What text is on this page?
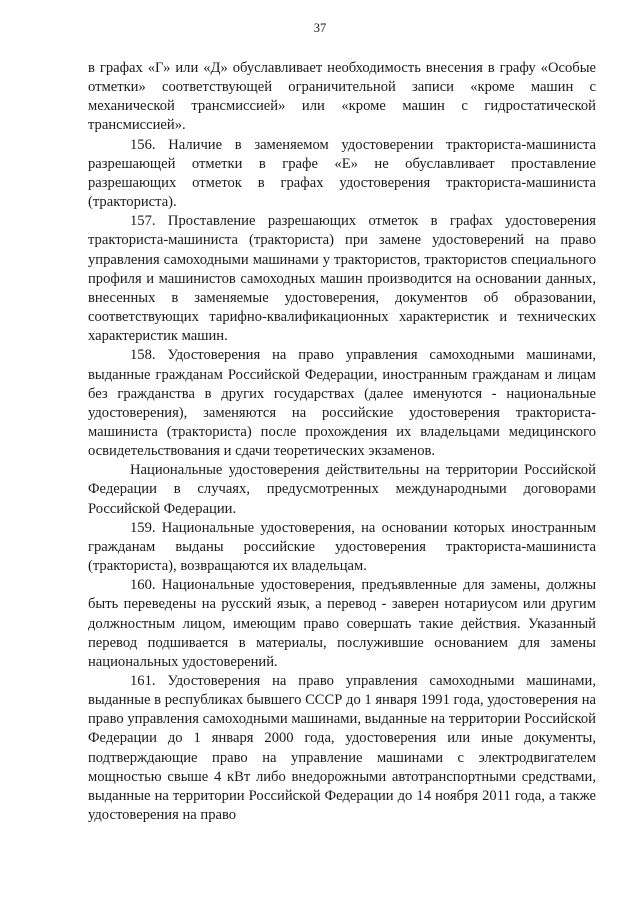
37

в графах «Г» или «Д» обуславливает необходимость внесения в графу «Особые отметки» соответствующей ограничительной записи «кроме машин с механической трансмиссией» или «кроме машин с гидростатической трансмиссией».

156. Наличие в заменяемом удостоверении тракториста-машиниста разрешающей отметки в графе «Е» не обуславливает проставление разрешающих отметок в графах удостоверения тракториста-машиниста (тракториста).

157. Проставление разрешающих отметок в графах удостоверения тракториста-машиниста (тракториста) при замене удостоверений на право управления самоходными машинами у трактористов, трактористов специального профиля и машинистов самоходных машин производится на основании данных, внесенных в заменяемые удостоверения, документов об образовании, соответствующих тарифно-квалификационных характеристик и технических характеристик машин.

158. Удостоверения на право управления самоходными машинами, выданные гражданам Российской Федерации, иностранным гражданам и лицам без гражданства в других государствах (далее именуются - национальные удостоверения), заменяются на российские удостоверения тракториста-машиниста (тракториста) после прохождения их владельцами медицинского освидетельствования и сдачи теоретических экзаменов.

Национальные удостоверения действительны на территории Российской Федерации в случаях, предусмотренных международными договорами Российской Федерации.

159. Национальные удостоверения, на основании которых иностранным гражданам выданы российские удостоверения тракториста-машиниста (тракториста), возвращаются их владельцам.

160. Национальные удостоверения, предъявленные для замены, должны быть переведены на русский язык, а перевод - заверен нотариусом или другим должностным лицом, имеющим право совершать такие действия. Указанный перевод подшивается в материалы, послужившие основанием для замены национальных удостоверений.

161. Удостоверения на право управления самоходными машинами, выданные в республиках бывшего СССР до 1 января 1991 года, удостоверения на право управления самоходными машинами, выданные на территории Российской Федерации до 1 января 2000 года, удостоверения или иные документы, подтверждающие право на управление машинами с электродвигателем мощностью свыше 4 кВт либо внедорожными автотранспортными средствами, выданные на территории Российской Федерации до 14 ноября 2011 года, а также удостоверения на право
